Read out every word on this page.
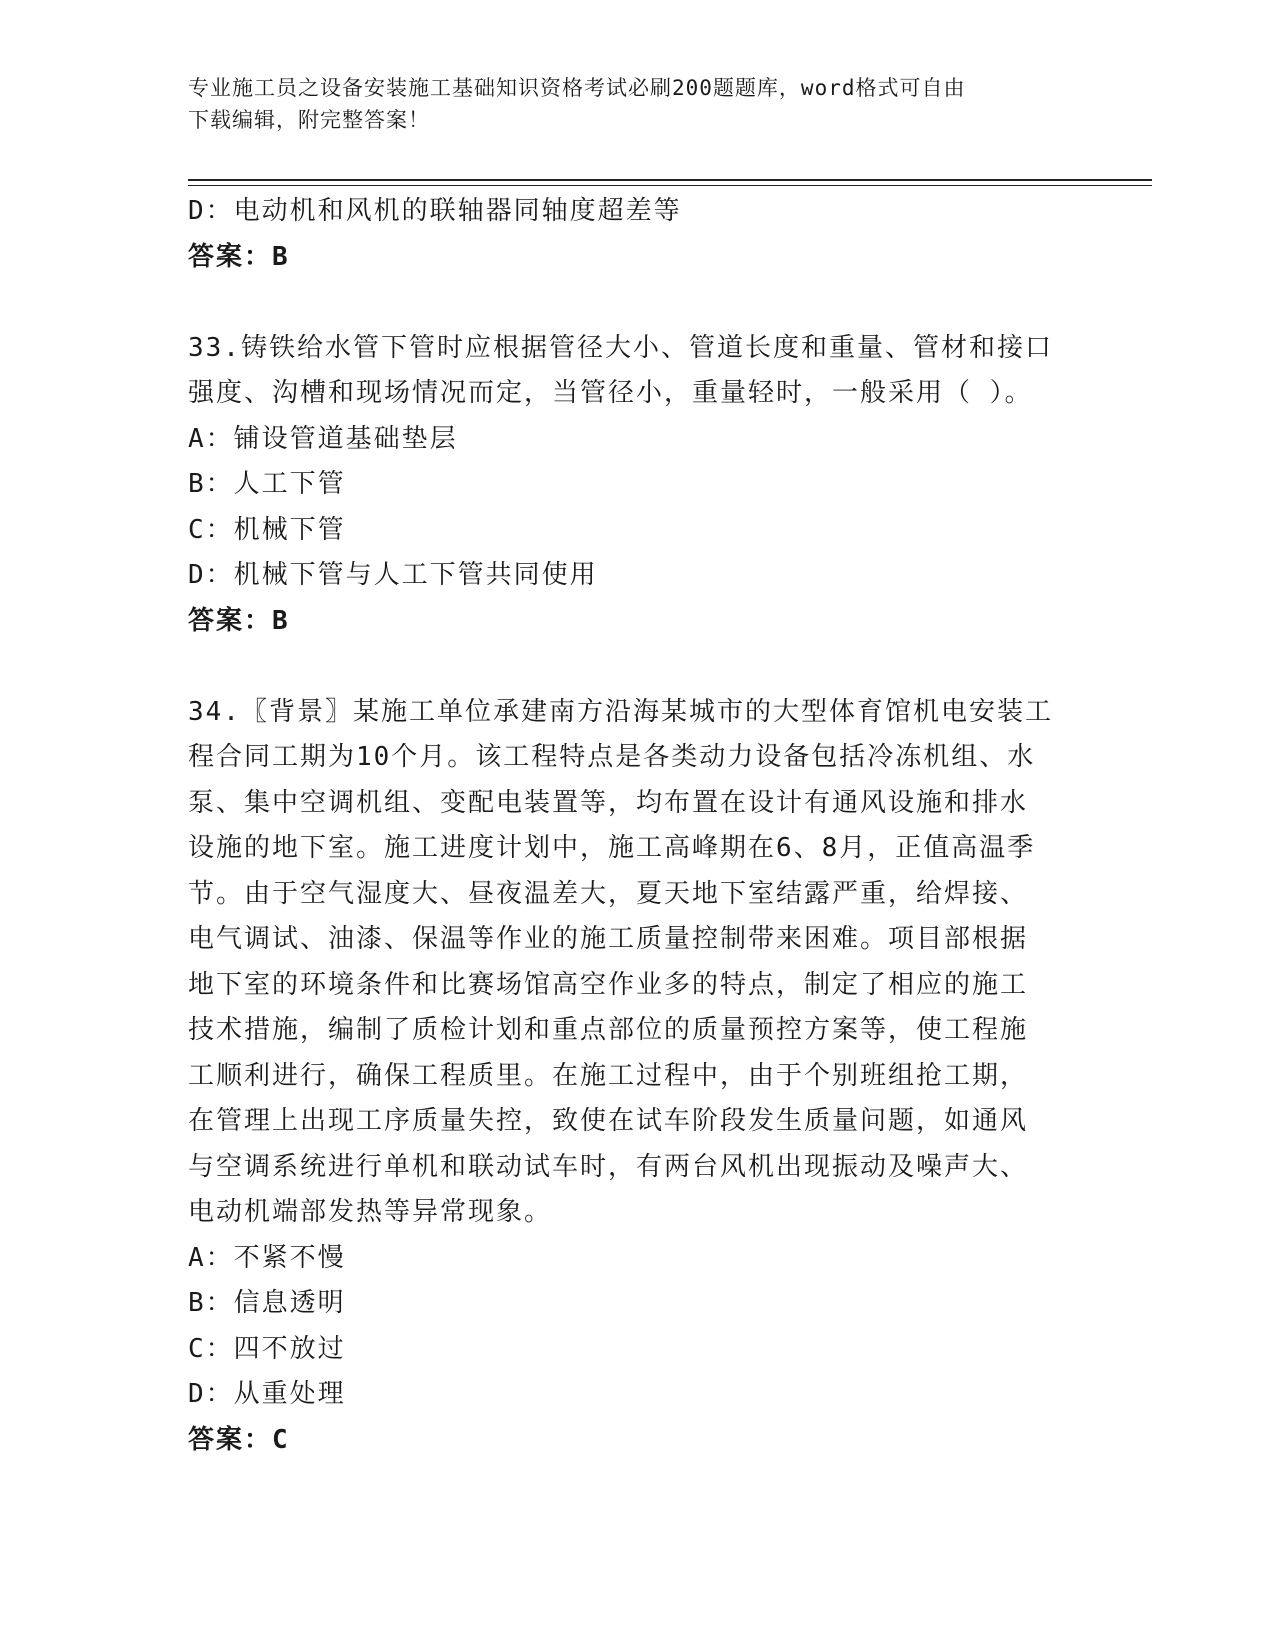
专业施工员之设备安装施工基础知识资格考试必刷200题题库，word格式可自由
下载编辑，附完整答案！
D：电动机和风机的联轴器同轴度超差等
答案：B
33.铸铁给水管下管时应根据管径大小、管道长度和重量、管材和接口
强度、沟槽和现场情况而定，当管径小，重量轻时，一般采用（ ）。
A：铺设管道基础垫层
B：人工下管
C：机械下管
D：机械下管与人工下管共同使用
答案：B
34.〖背景〗某施工单位承建南方沿海某城市的大型体育馆机电安装工
程合同工期为10个月。该工程特点是各类动力设备包括冷冻机组、水
泵、集中空调机组、变配电装置等，均布置在设计有通风设施和排水
设施的地下室。施工进度计划中，施工高峰期在6、8月，正值高温季
节。由于空气湿度大、昼夜温差大，夏天地下室结露严重，给焊接、
电气调试、油漆、保温等作业的施工质量控制带来困难。项目部根据
地下室的环境条件和比赛场馆高空作业多的特点，制定了相应的施工
技术措施，编制了质检计划和重点部位的质量预控方案等，使工程施
工顺利进行，确保工程质里。在施工过程中，由于个别班组抢工期，
在管理上出现工序质量失控，致使在试车阶段发生质量问题，如通风
与空调系统进行单机和联动试车时，有两台风机出现振动及噪声大、
电动机端部发热等异常现象。
A：不紧不慢
B：信息透明
C：四不放过
D：从重处理
答案：C
